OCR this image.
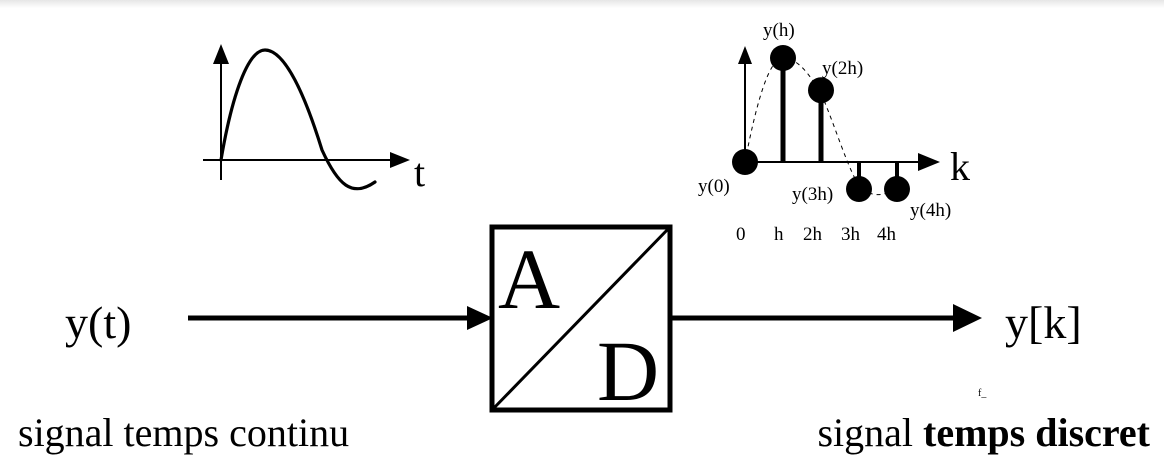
t	k
y(0)
y(h)
y(2h)
y(3h)
y(4h)
0 h 2h 3h 4h
y(t)	A
D
y[k]
f_
signal temps continu	signal temps discret
